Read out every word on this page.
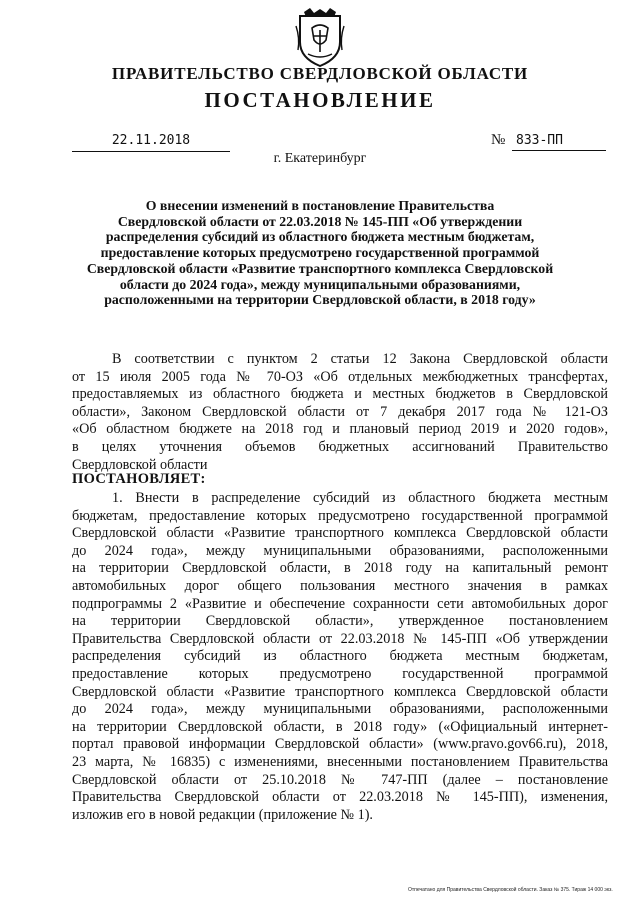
ПРАВИТЕЛЬСТВО СВЕРДЛОВСКОЙ ОБЛАСТИ
ПОСТАНОВЛЕНИЕ
22.11.2018	№ 833-ПП
г. Екатеринбург
О внесении изменений в постановление Правительства
Свердловской области от 22.03.2018 № 145-ПП «Об утверждении
распределения субсидий из областного бюджета местным бюджетам,
предоставление которых предусмотрено государственной программой
Свердловской области «Развитие транспортного комплекса Свердловской
области до 2024 года», между муниципальными образованиями,
расположенными на территории Свердловской области, в 2018 году»
В соответствии с пунктом 2 статьи 12 Закона Свердловской области
от 15 июля 2005 года № 70-ОЗ «Об отдельных межбюджетных трансфертах,
предоставляемых из областного бюджета и местных бюджетов в Свердловской
области», Законом Свердловской области от 7 декабря 2017 года № 121-ОЗ
«Об областном бюджете на 2018 год и плановый период 2019 и 2020 годов»,
в целях уточнения объемов бюджетных ассигнований Правительство
Свердловской области
ПОСТАНОВЛЯЕТ:
1. Внести в распределение субсидий из областного бюджета местным
бюджетам, предоставление которых предусмотрено государственной программой
Свердловской области «Развитие транспортного комплекса Свердловской области
до 2024 года», между муниципальными образованиями, расположенными
на территории Свердловской области, в 2018 году на капитальный ремонт
автомобильных дорог общего пользования местного значения в рамках
подпрограммы 2 «Развитие и обеспечение сохранности сети автомобильных дорог
на территории Свердловской области», утвержденное постановлением
Правительства Свердловской области от 22.03.2018 № 145-ПП «Об утверждении
распределения субсидий из областного бюджета местным бюджетам,
предоставление которых предусмотрено государственной программой
Свердловской области «Развитие транспортного комплекса Свердловской области
до 2024 года», между муниципальными образованиями, расположенными
на территории Свердловской области, в 2018 году» («Официальный интернет-
портал правовой информации Свердловской области» (www.pravo.gov66.ru), 2018,
23 марта, № 16835) с изменениями, внесенными постановлением Правительства
Свердловской области от 25.10.2018 № 747-ПП (далее – постановление
Правительства Свердловской области от 22.03.2018 № 145-ПП), изменения,
изложив его в новой редакции (приложение № 1).
Отпечатано для Правительства Свердловской области. Заказ № 375. Тираж 14 000 экз.
